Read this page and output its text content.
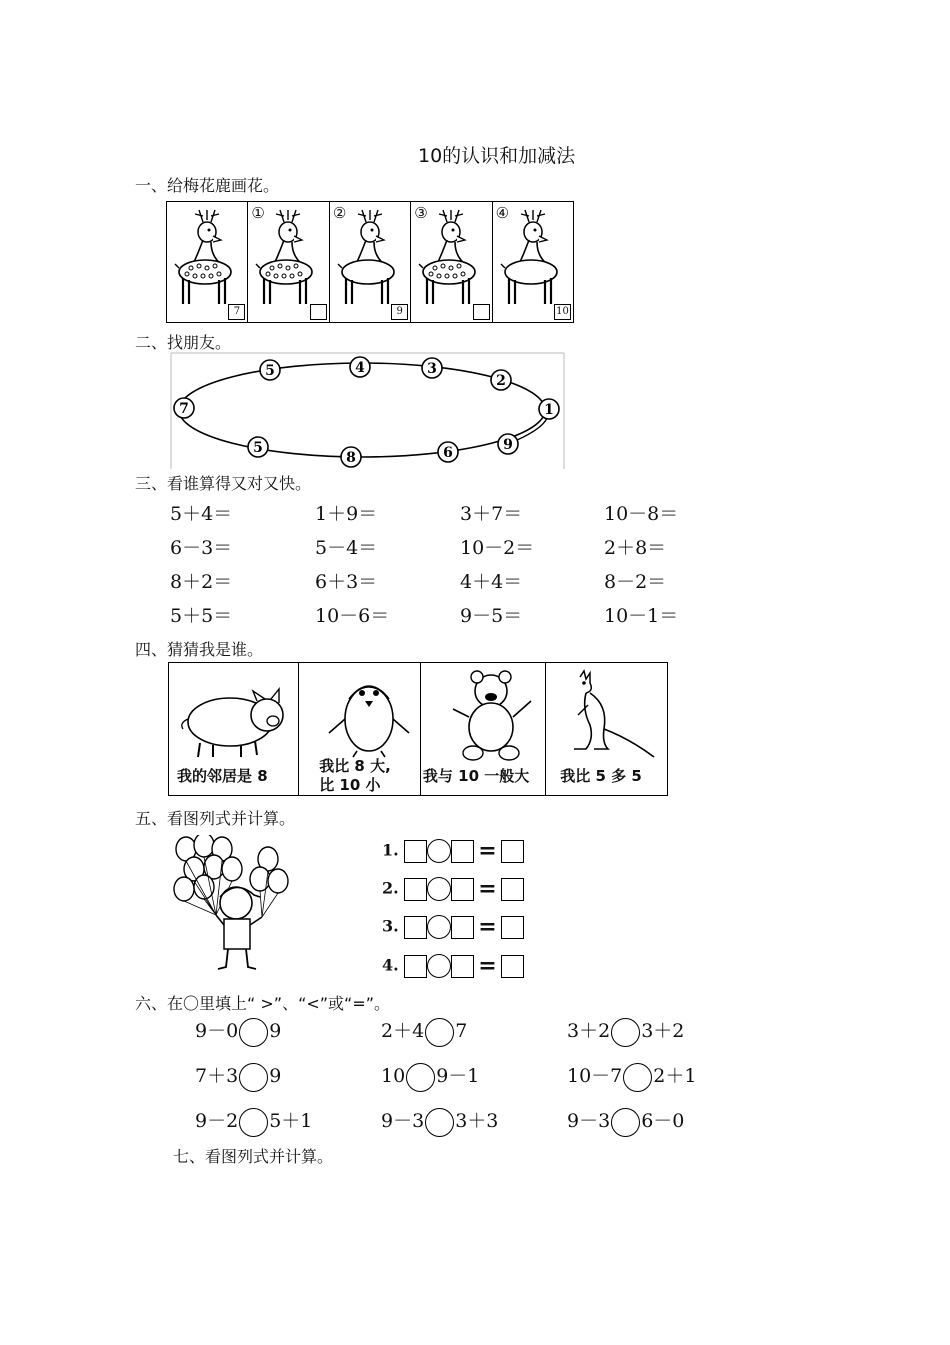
10的认识和加减法
一、给梅花鹿画花。
7
①	②
9
③	④
10
二、找朋友。
5	4	3
2
7	1
5
8	6	9
三、看谁算得又对又快。
5＋4＝	1＋9＝	3＋7＝	10－8＝
6－3＝	5－4＝	10－2＝	2＋8＝
8＋2＝	6＋3＝	4＋4＝	8－2＝
5＋5＝	10－6＝	9－5＝	10－1＝
四、猜猜我是谁。
我的邻居是 8
我比 8 大,
比 10 小	我与 10 一般大 我比 5 多 5
五、看图列式并计算。
1.	=
2.	=
3.	=
4.	=
六、在〇里填上“ >”、“<”或“=”。
9－0 9	2＋4 7	3＋2 3＋2
7＋3 9	10 9－1	10－7 2＋1
9－2 5＋1	9－3 3＋3	9－3 6－0
七、看图列式并计算。
